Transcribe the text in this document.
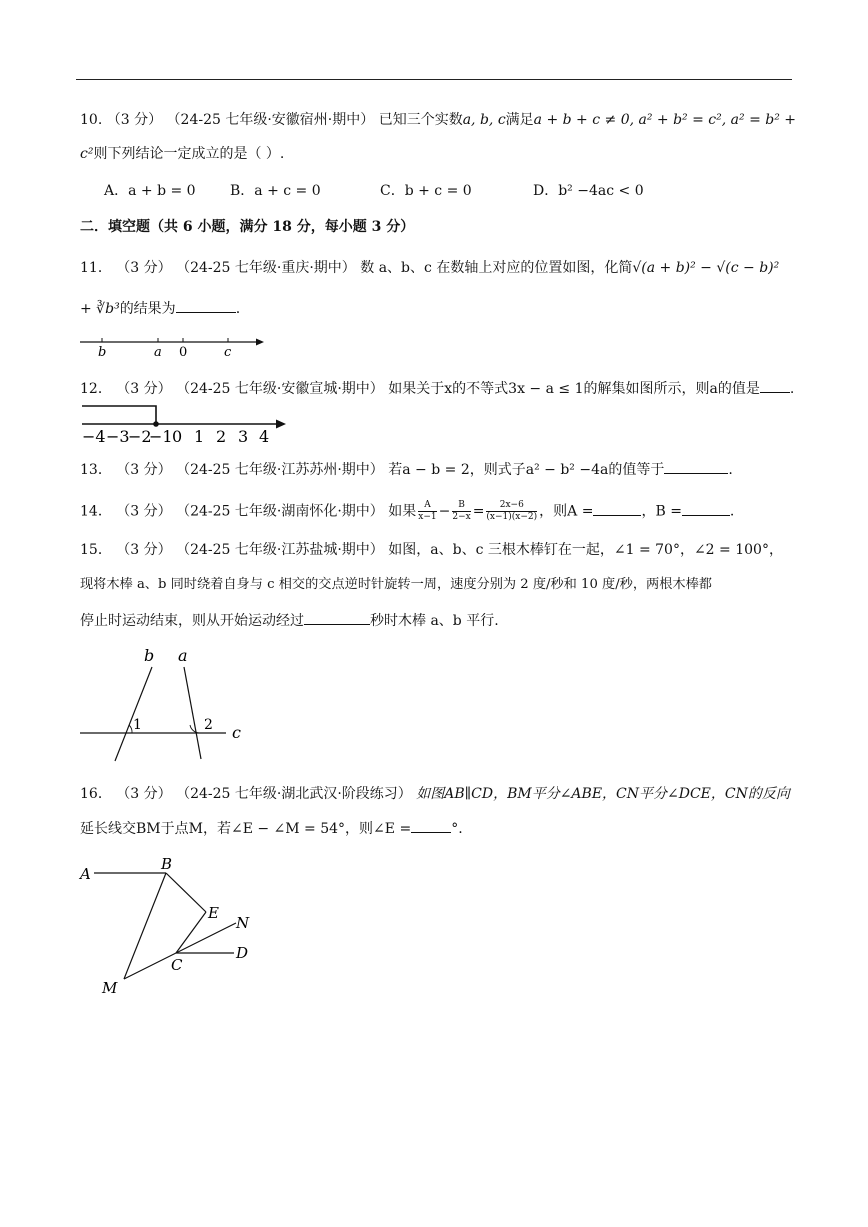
10. （3 分） （24-25 七年级·安徽宿州·期中） 已知三个实数a, b, c满足a + b + c ≠ 0, a² + b² = c², a² = b² +
c²则下列结论一定成立的是（ ）.
A．a + b = 0 B．a + c = 0	C．b + c = 0	D．b² −4ac < 0
二．填空题（共 6 小题，满分 18 分，每小题 3 分）
11． （3 分） （24-25 七年级·重庆·期中） 数 a、b、c 在数轴上对应的位置如图，化简√(a + b)² − √(c − b)²
+ ∛b³的结果为	.
b	a 0	c
12． （3 分） （24-25 七年级·安徽宣城·期中） 如果关于x的不等式3x − a ≤ 1的解集如图所示，则a的值是 .
−4 −3
−2
−1 0 1 2 3 4
13． （3 分） （24-25 七年级·江苏苏州·期中） 若a − b = 2，则式子a² − b² −4a的值等于	.
14． （3 分） （24-25 七年级·湖南怀化·期中） 如果 $\frac{A}{x-1} - \frac{B}{2-x} = \frac{2x-6}{(x-1)(x-2)}$ ，则A =	，B =	.
15． （3 分） （24-25 七年级·江苏盐城·期中） 如图，a、b、c 三根木棒钉在一起，∠1 = 70°，∠2 = 100°，
现将木棒 a、b 同时绕着自身与 c 相交的交点逆时针旋转一周，速度分别为 2 度/秒和 10 度/秒，两根木棒都
停止时运动结束，则从开始运动经过	秒时木棒 a、b 平行.
b a
1	2 c
16． （3 分） （24-25 七年级·湖北武汉·阶段练习） 如图AB∥CD，BM平分∠ABE，CN平分∠DCE，CN的反向
延长线交BM于点M，若∠E − ∠M = 54°，则∠E =	°.
A
B
E
N
C
D
M
